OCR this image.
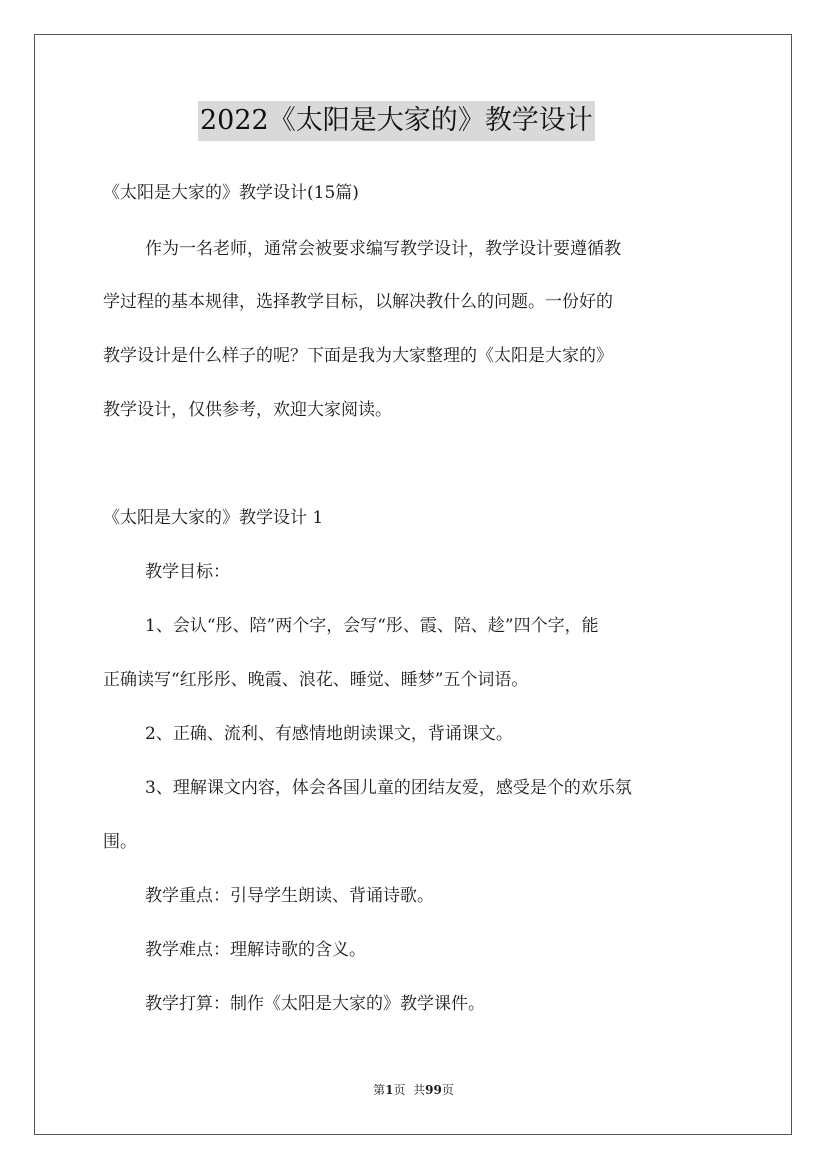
2022《太阳是大家的》教学设计
《太阳是大家的》教学设计(15篇)
作为一名老师，通常会被要求编写教学设计，教学设计要遵循教
学过程的基本规律，选择教学目标，以解决教什么的问题。一份好的
教学设计是什么样子的呢？下面是我为大家整理的《太阳是大家的》
教学设计，仅供参考，欢迎大家阅读。
《太阳是大家的》教学设计 1
教学目标：
1、会认“彤、陪”两个字，会写“彤、霞、陪、趁”四个字，能
正确读写“红彤彤、晚霞、浪花、睡觉、睡梦”五个词语。
2、正确、流利、有感情地朗读课文，背诵课文。
3、理解课文内容，体会各国儿童的团结友爱，感受是个的欢乐氛
围。
教学重点：引导学生朗读、背诵诗歌。
教学难点：理解诗歌的含义。
教学打算：制作《太阳是大家的》教学课件。
第1页  共99页
